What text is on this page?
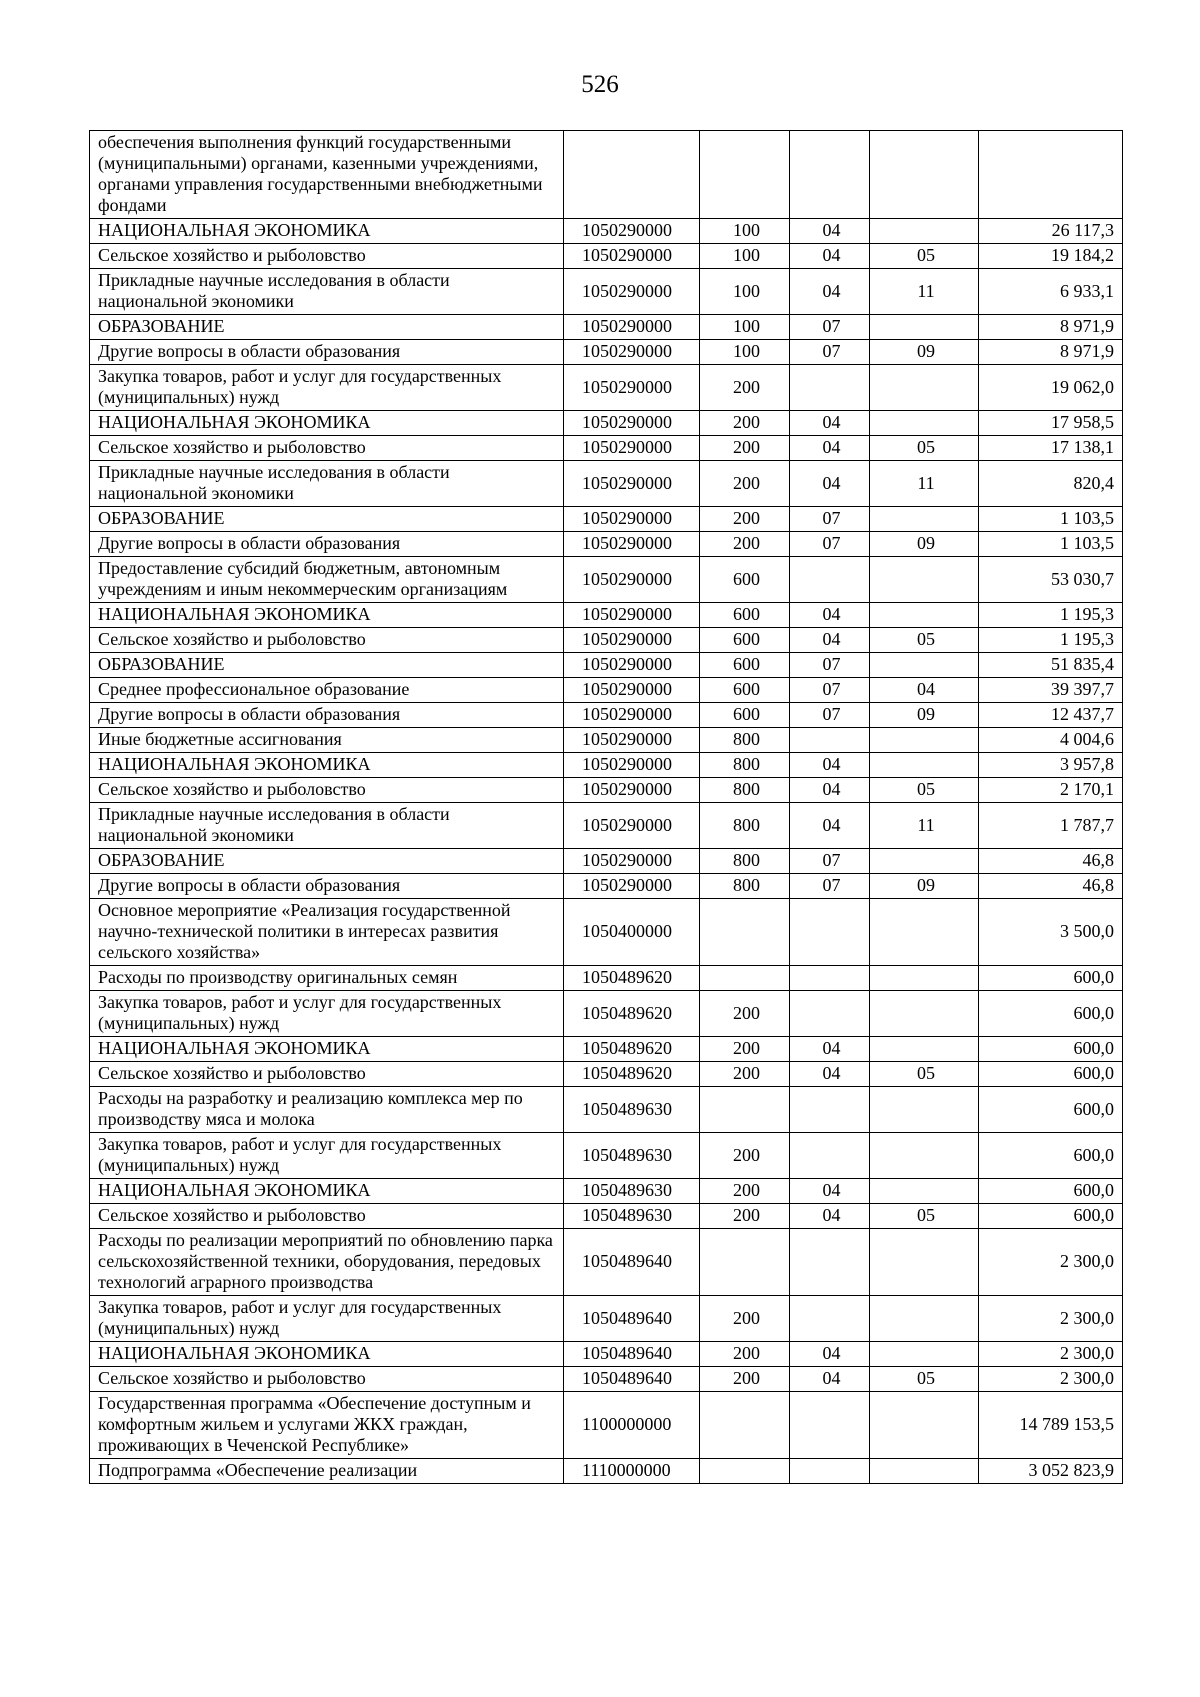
526
обеспечения выполнения функций государственными (муниципальными) органами, казенными учреждениями, органами управления государственными внебюджетными фондами					
НАЦИОНАЛЬНАЯ ЭКОНОМИКА	1050290000	100	04		26 117,3
Сельское хозяйство и рыболовство	1050290000	100	04	05	19 184,2
Прикладные научные исследования в области национальной экономики	1050290000	100	04	11	6 933,1
ОБРАЗОВАНИЕ	1050290000	100	07		8 971,9
Другие вопросы в области образования	1050290000	100	07	09	8 971,9
Закупка товаров, работ и услуг для государственных (муниципальных) нужд	1050290000	200			19 062,0
НАЦИОНАЛЬНАЯ ЭКОНОМИКА	1050290000	200	04		17 958,5
Сельское хозяйство и рыболовство	1050290000	200	04	05	17 138,1
Прикладные научные исследования в области национальной экономики	1050290000	200	04	11	820,4
ОБРАЗОВАНИЕ	1050290000	200	07		1 103,5
Другие вопросы в области образования	1050290000	200	07	09	1 103,5
Предоставление субсидий бюджетным, автономным учреждениям и иным некоммерческим организациям	1050290000	600			53 030,7
НАЦИОНАЛЬНАЯ ЭКОНОМИКА	1050290000	600	04		1 195,3
Сельское хозяйство и рыболовство	1050290000	600	04	05	1 195,3
ОБРАЗОВАНИЕ	1050290000	600	07		51 835,4
Среднее профессиональное образование	1050290000	600	07	04	39 397,7
Другие вопросы в области образования	1050290000	600	07	09	12 437,7
Иные бюджетные ассигнования	1050290000	800			4 004,6
НАЦИОНАЛЬНАЯ ЭКОНОМИКА	1050290000	800	04		3 957,8
Сельское хозяйство и рыболовство	1050290000	800	04	05	2 170,1
Прикладные научные исследования в области национальной экономики	1050290000	800	04	11	1 787,7
ОБРАЗОВАНИЕ	1050290000	800	07		46,8
Другие вопросы в области образования	1050290000	800	07	09	46,8
Основное мероприятие «Реализация государственной научно-технической политики в интересах развития сельского хозяйства»	1050400000				3 500,0
Расходы по производству оригинальных семян	1050489620				600,0
Закупка товаров, работ и услуг для государственных (муниципальных) нужд	1050489620	200			600,0
НАЦИОНАЛЬНАЯ ЭКОНОМИКА	1050489620	200	04		600,0
Сельское хозяйство и рыболовство	1050489620	200	04	05	600,0
Расходы на разработку и реализацию комплекса мер по производству мяса и молока	1050489630				600,0
Закупка товаров, работ и услуг для государственных (муниципальных) нужд	1050489630	200			600,0
НАЦИОНАЛЬНАЯ ЭКОНОМИКА	1050489630	200	04		600,0
Сельское хозяйство и рыболовство	1050489630	200	04	05	600,0
Расходы по реализации мероприятий по обновлению парка сельскохозяйственной техники, оборудования, передовых технологий аграрного производства	1050489640				2 300,0
Закупка товаров, работ и услуг для государственных (муниципальных) нужд	1050489640	200			2 300,0
НАЦИОНАЛЬНАЯ ЭКОНОМИКА	1050489640	200	04		2 300,0
Сельское хозяйство и рыболовство	1050489640	200	04	05	2 300,0
Государственная программа «Обеспечение доступным и комфортным жильем и услугами ЖКХ граждан, проживающих в Чеченской Республике»	1100000000				14 789 153,5
Подпрограмма «Обеспечение реализации	1110000000				3 052 823,9
